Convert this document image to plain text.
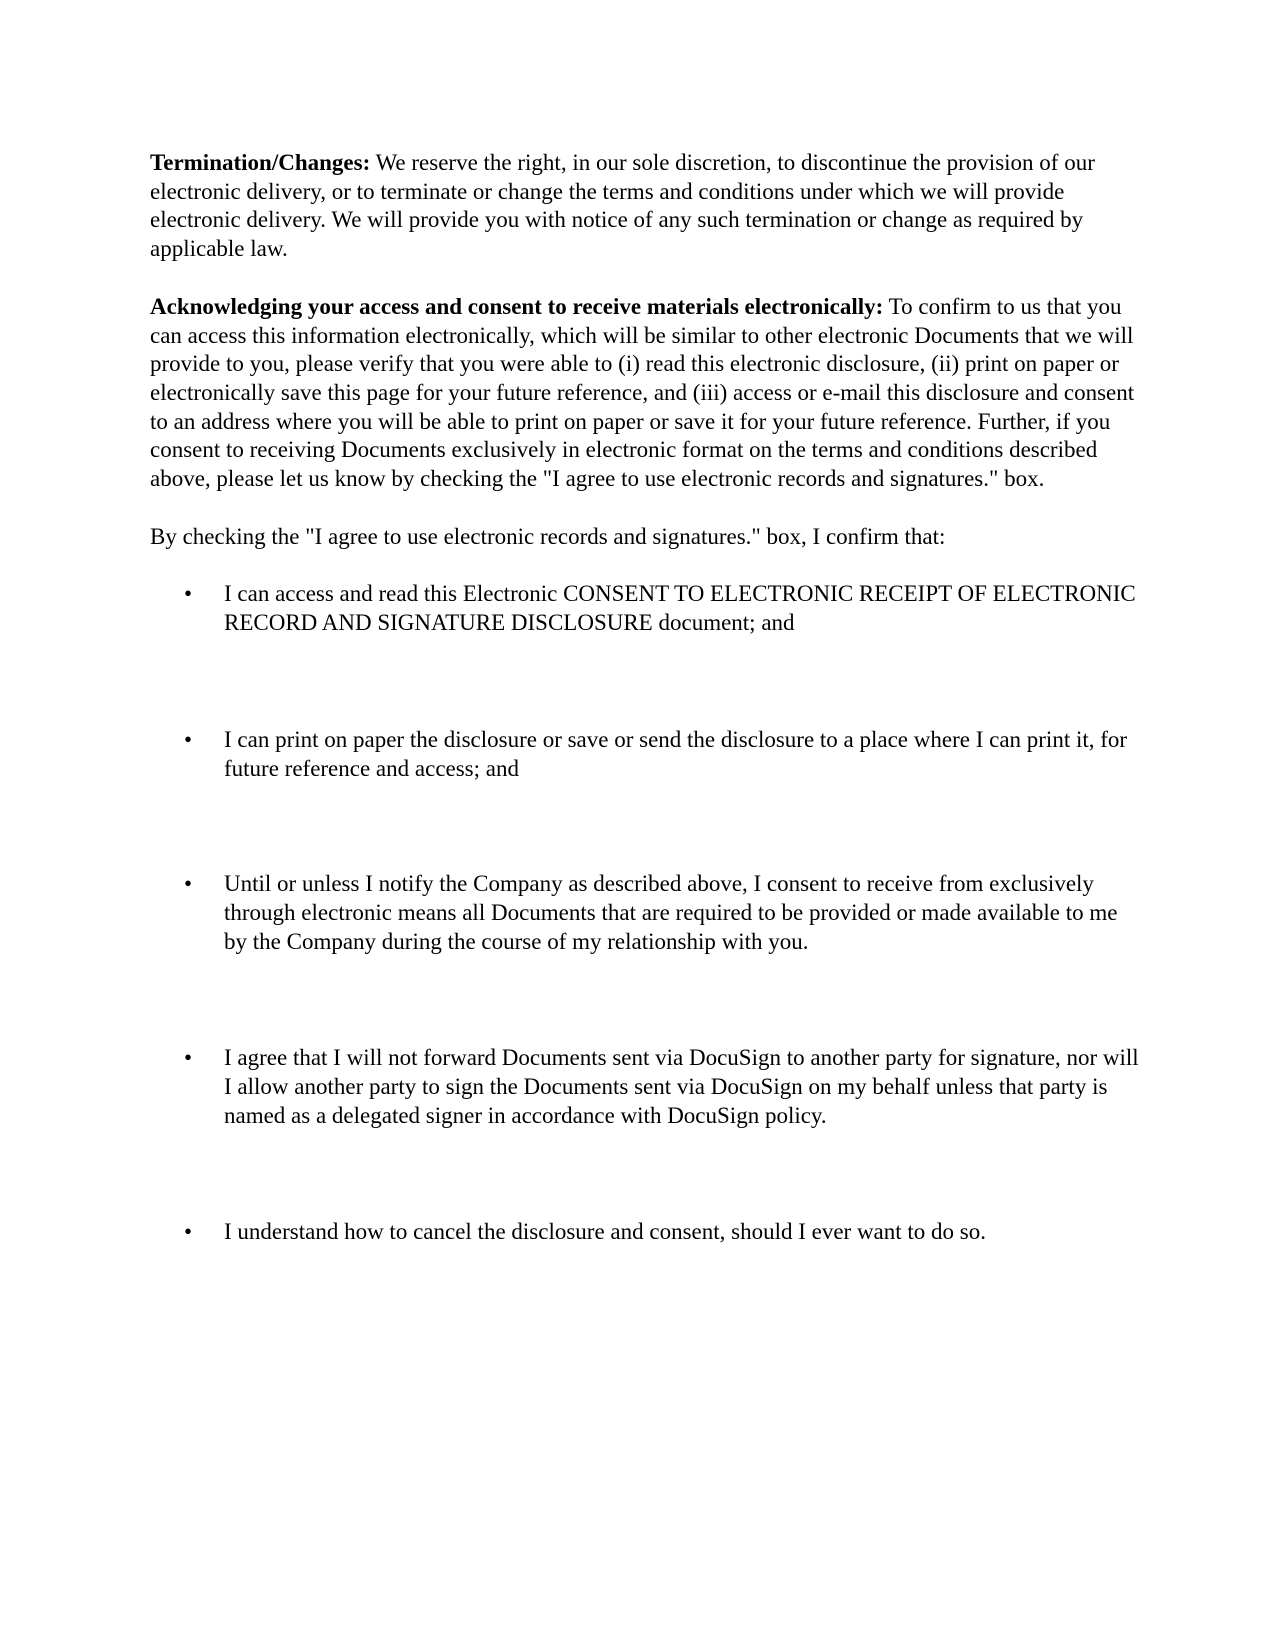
Termination/Changes: We reserve the right, in our sole discretion, to discontinue the provision of our electronic delivery, or to terminate or change the terms and conditions under which we will provide electronic delivery. We will provide you with notice of any such termination or change as required by applicable law.

Acknowledging your access and consent to receive materials electronically: To confirm to us that you can access this information electronically, which will be similar to other electronic Documents that we will provide to you, please verify that you were able to (i) read this electronic disclosure, (ii) print on paper or electronically save this page for your future reference, and (iii) access or e-mail this disclosure and consent to an address where you will be able to print on paper or save it for your future reference. Further, if you consent to receiving Documents exclusively in electronic format on the terms and conditions described above, please let us know by checking the "I agree to use electronic records and signatures." box.

By checking the "I agree to use electronic records and signatures." box, I confirm that:

• I can access and read this Electronic CONSENT TO ELECTRONIC RECEIPT OF ELECTRONIC RECORD AND SIGNATURE DISCLOSURE document; and
• I can print on paper the disclosure or save or send the disclosure to a place where I can print it, for future reference and access; and
• Until or unless I notify the Company as described above, I consent to receive from exclusively through electronic means all Documents that are required to be provided or made available to me by the Company during the course of my relationship with you.
• I agree that I will not forward Documents sent via DocuSign to another party for signature, nor will I allow another party to sign the Documents sent via DocuSign on my behalf unless that party is named as a delegated signer in accordance with DocuSign policy.
• I understand how to cancel the disclosure and consent, should I ever want to do so.
